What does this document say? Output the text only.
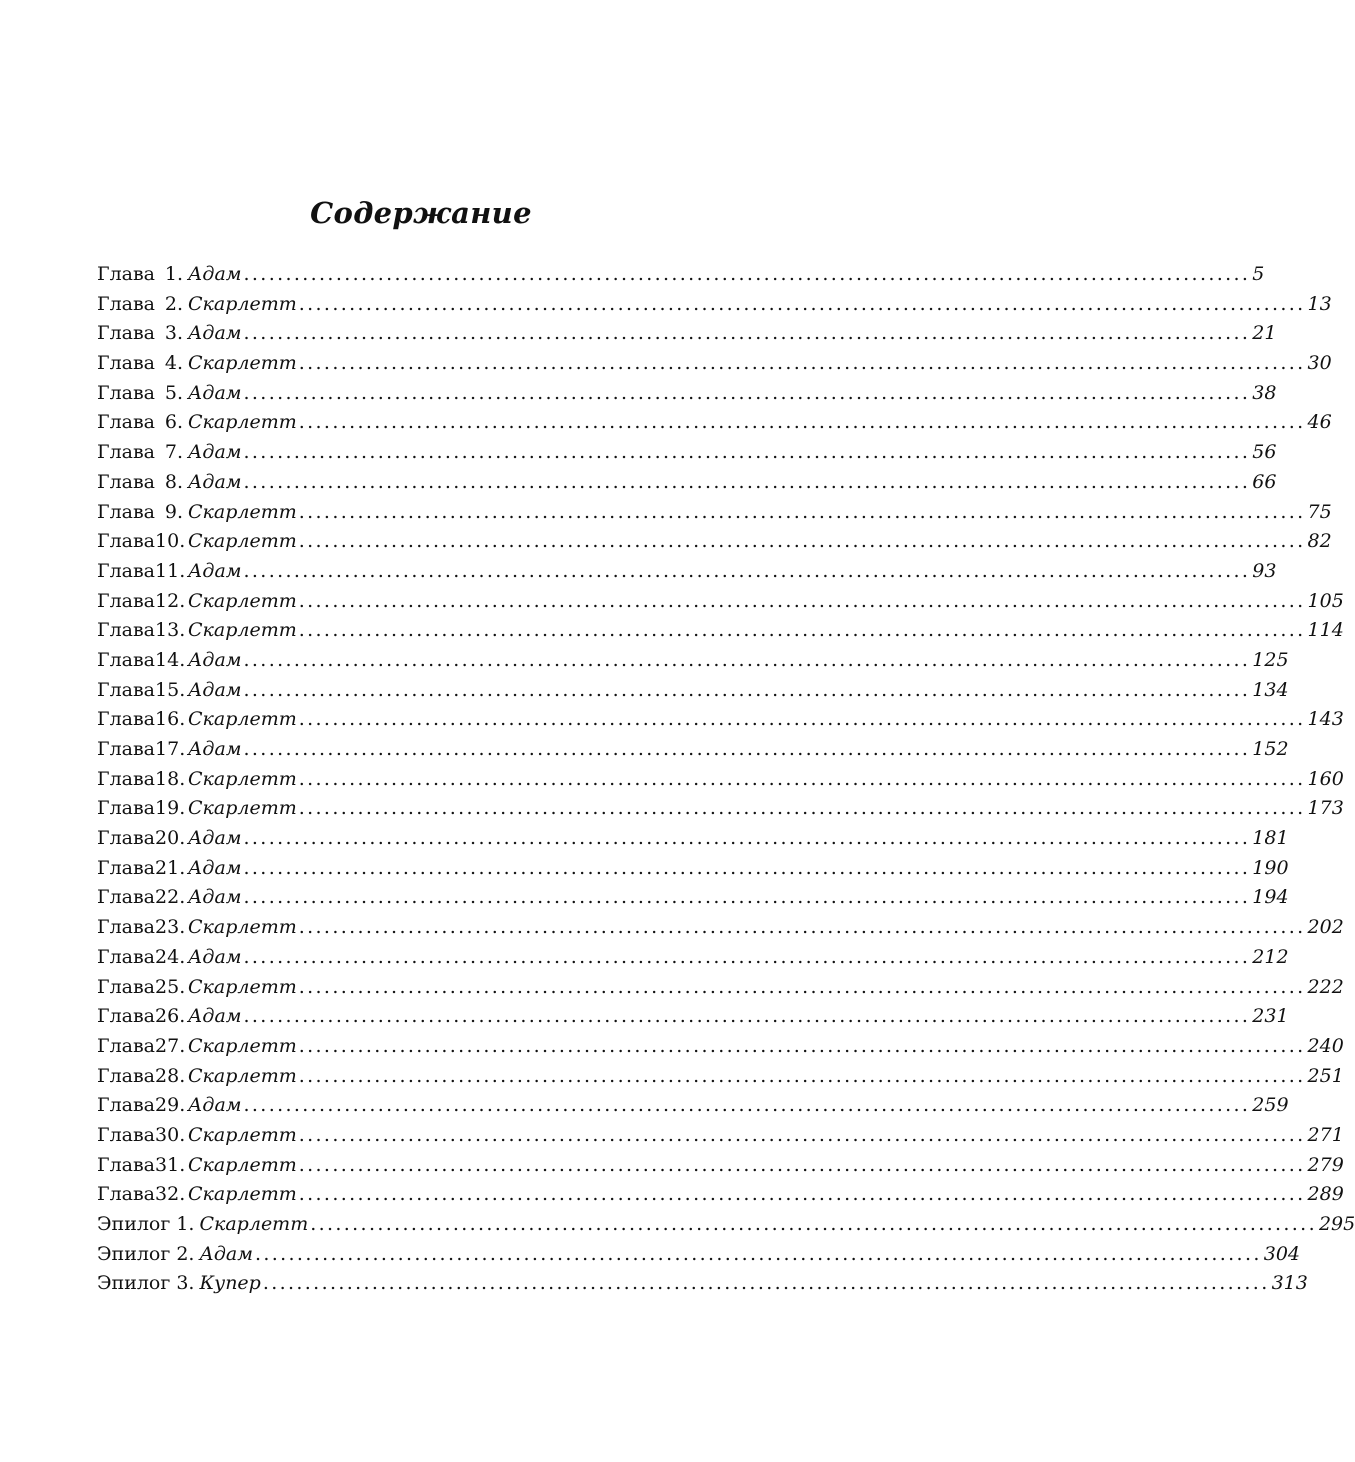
Содержание
Глава 1. Адам ........................................................................................................................ 5
Глава 2. Скарлетт ........................................................................................................................ 13
Глава 3. Адам ........................................................................................................................ 21
Глава 4. Скарлетт ........................................................................................................................ 30
Глава 5. Адам ........................................................................................................................ 38
Глава 6. Скарлетт ........................................................................................................................ 46
Глава 7. Адам ........................................................................................................................ 56
Глава 8. Адам ........................................................................................................................ 66
Глава 9. Скарлетт ........................................................................................................................ 75
Глава10. Скарлетт ........................................................................................................................ 82
Глава11. Адам ........................................................................................................................ 93
Глава12. Скарлетт ........................................................................................................................ 105
Глава13. Скарлетт ........................................................................................................................ 114
Глава14. Адам ........................................................................................................................ 125
Глава15. Адам ........................................................................................................................ 134
Глава16. Скарлетт ........................................................................................................................ 143
Глава17. Адам ........................................................................................................................ 152
Глава18. Скарлетт ........................................................................................................................ 160
Глава19. Скарлетт ........................................................................................................................ 173
Глава20. Адам ........................................................................................................................ 181
Глава21. Адам ........................................................................................................................ 190
Глава22. Адам ........................................................................................................................ 194
Глава23. Скарлетт ........................................................................................................................ 202
Глава24. Адам ........................................................................................................................ 212
Глава25. Скарлетт ........................................................................................................................ 222
Глава26. Адам ........................................................................................................................ 231
Глава27. Скарлетт ........................................................................................................................ 240
Глава28. Скарлетт ........................................................................................................................ 251
Глава29. Адам ........................................................................................................................ 259
Глава30. Скарлетт ........................................................................................................................ 271
Глава31. Скарлетт ........................................................................................................................ 279
Глава32. Скарлетт ........................................................................................................................ 289
Эпилог 1. Скарлетт ........................................................................................................................ 295
Эпилог 2. Адам ........................................................................................................................ 304
Эпилог 3. Купер ........................................................................................................................ 313
